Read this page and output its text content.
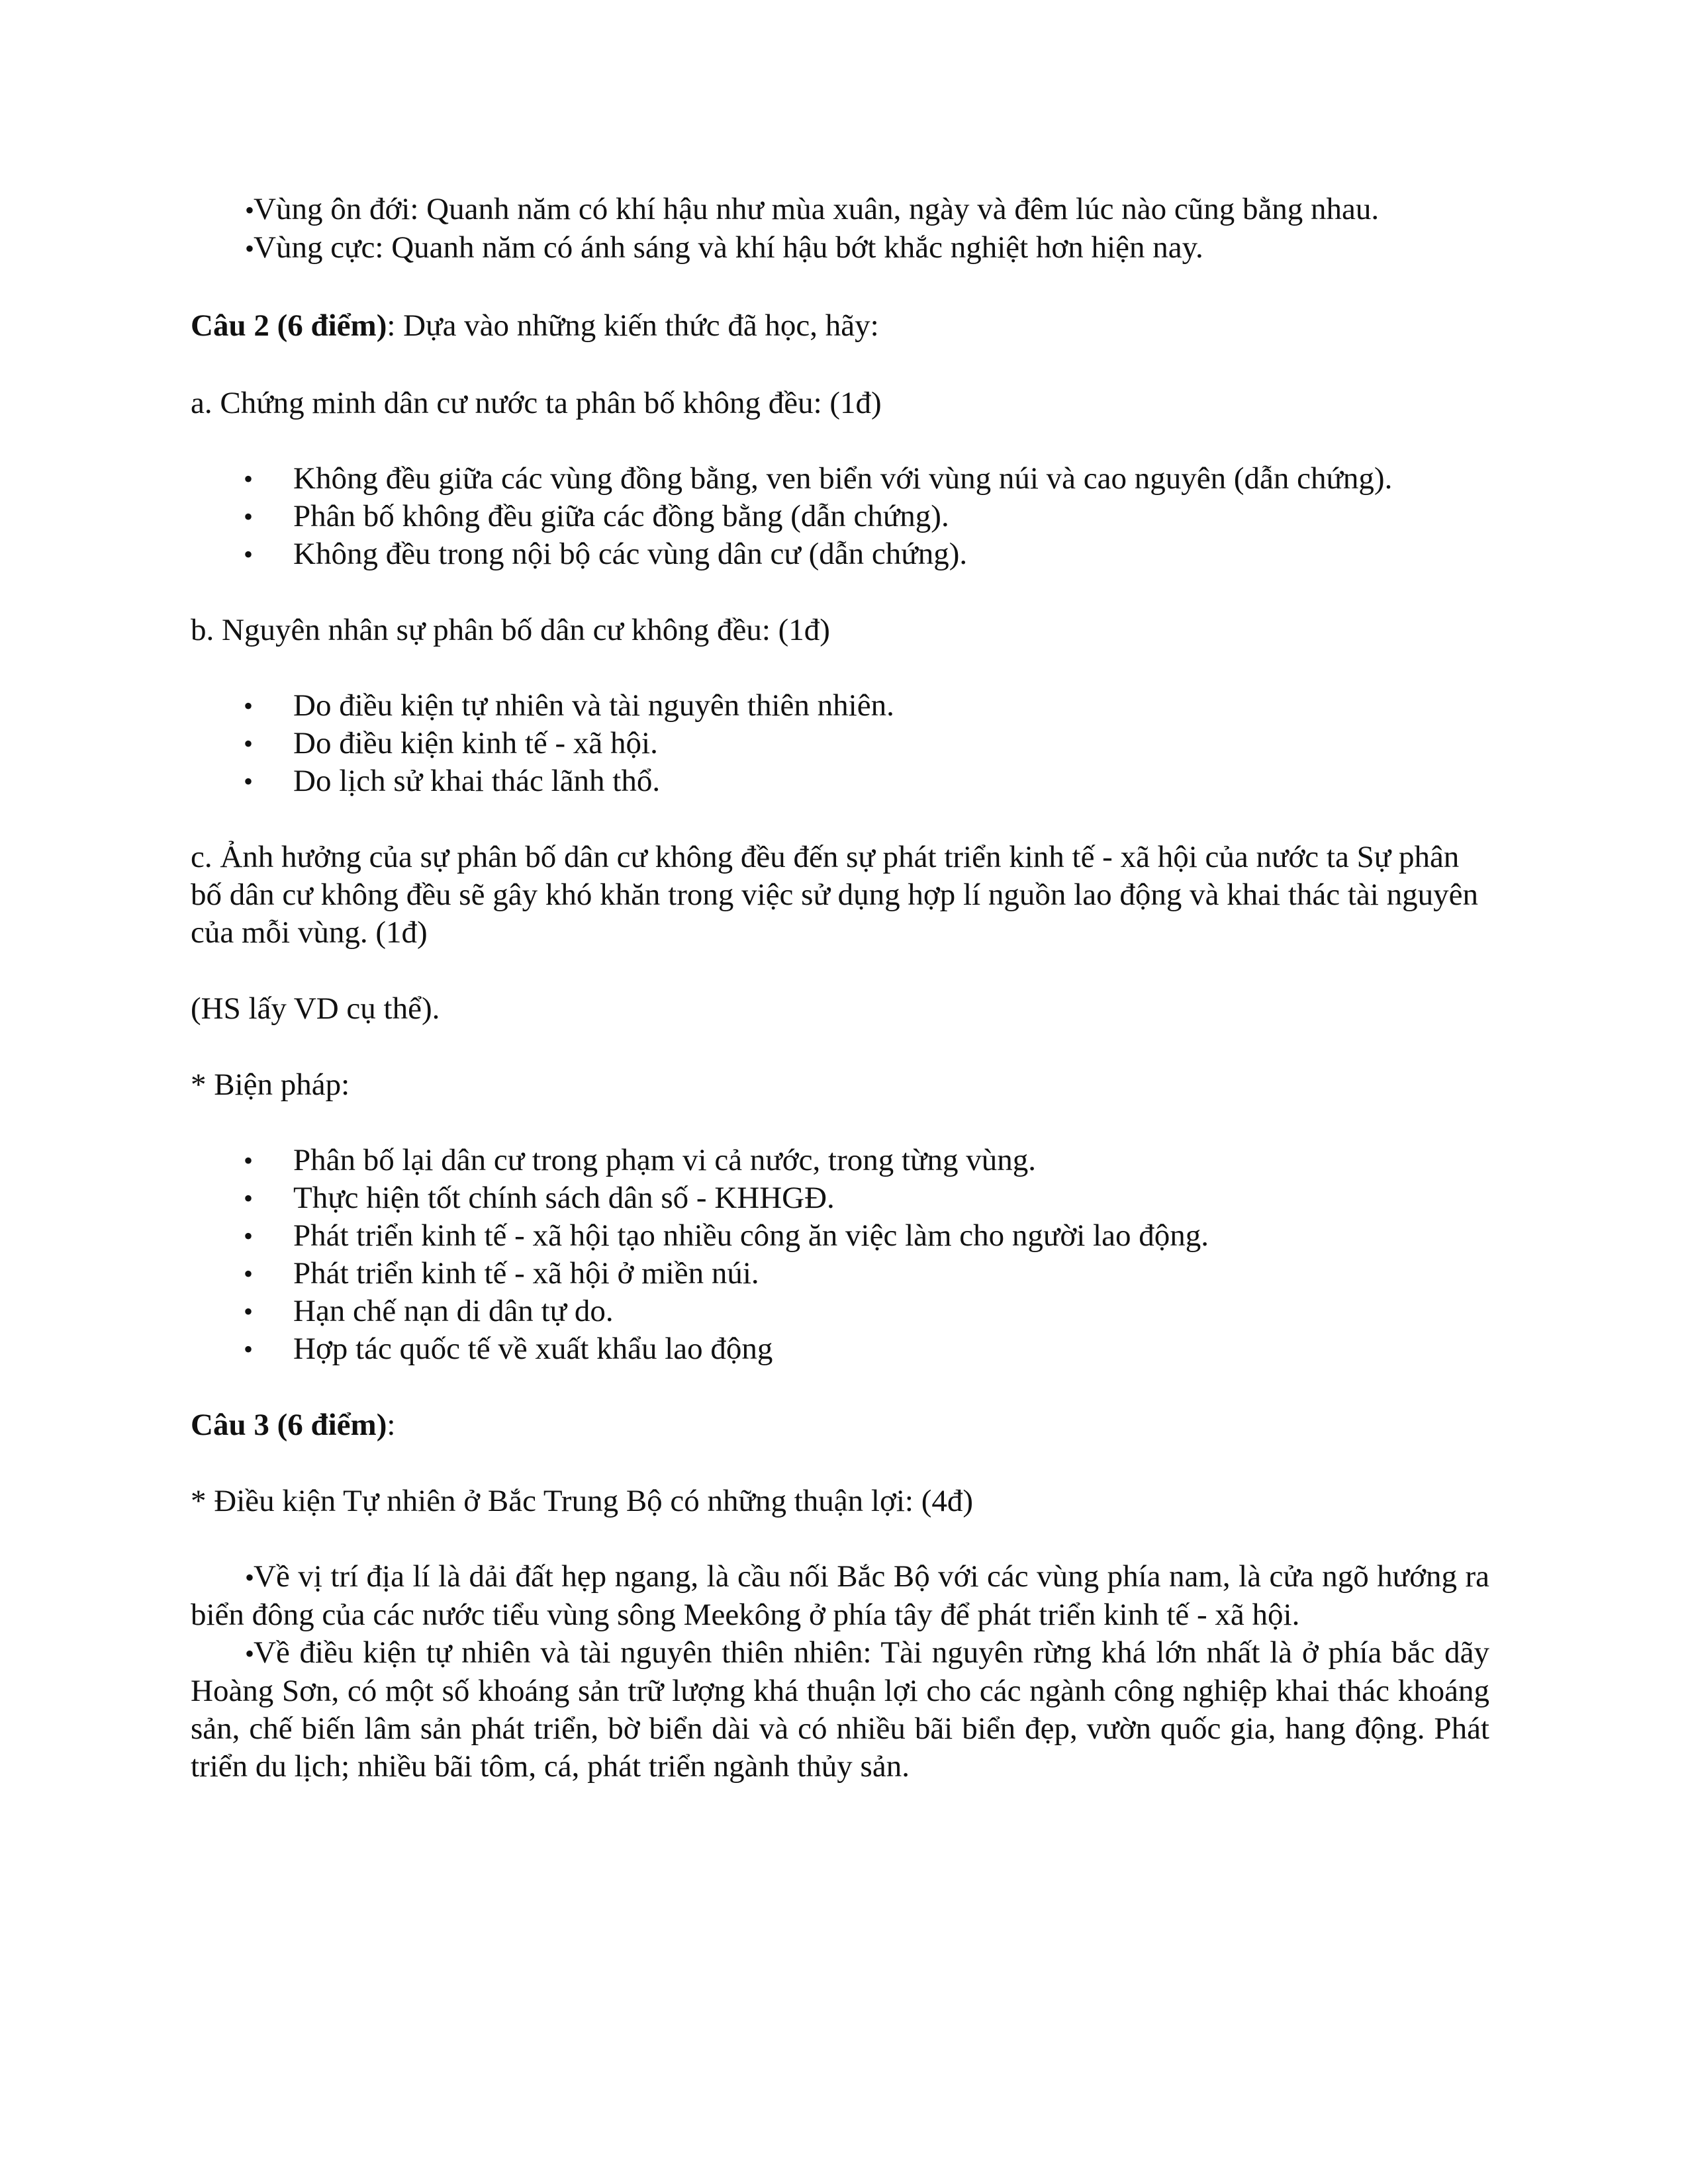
•Vùng ôn đới: Quanh năm có khí hậu như mùa xuân, ngày và đêm lúc nào cũng bằng nhau.
•Vùng cực: Quanh năm có ánh sáng và khí hậu bớt khắc nghiệt hơn hiện nay.

Câu 2 (6 điểm): Dựa vào những kiến thức đã học, hãy:

a. Chứng minh dân cư nước ta phân bố không đều: (1đ)

• Không đều giữa các vùng đồng bằng, ven biển với vùng núi và cao nguyên (dẫn chứng).
• Phân bố không đều giữa các đồng bằng (dẫn chứng).
• Không đều trong nội bộ các vùng dân cư (dẫn chứng).

b. Nguyên nhân sự phân bố dân cư không đều: (1đ)

• Do điều kiện tự nhiên và tài nguyên thiên nhiên.
• Do điều kiện kinh tế - xã hội.
• Do lịch sử khai thác lãnh thổ.

c. Ảnh hưởng của sự phân bố dân cư không đều đến sự phát triển kinh tế - xã hội của nước ta Sự phân bố dân cư không đều sẽ gây khó khăn trong việc sử dụng hợp lí nguồn lao động và khai thác tài nguyên của mỗi vùng. (1đ)

(HS lấy VD cụ thể).

* Biện pháp:

• Phân bố lại dân cư trong phạm vi cả nước, trong từng vùng.
• Thực hiện tốt chính sách dân số - KHHGĐ.
• Phát triển kinh tế - xã hội tạo nhiều công ăn việc làm cho người lao động.
• Phát triển kinh tế - xã hội ở miền núi.
• Hạn chế nạn di dân tự do.
• Hợp tác quốc tế về xuất khẩu lao động

Câu 3 (6 điểm):

* Điều kiện Tự nhiên ở Bắc Trung Bộ có những thuận lợi: (4đ)

•Về vị trí địa lí là dải đất hẹp ngang, là cầu nối Bắc Bộ với các vùng phía nam, là cửa ngõ hướng ra biển đông của các nước tiểu vùng sông Meekông ở phía tây để phát triển kinh tế - xã hội.
•Về điều kiện tự nhiên và tài nguyên thiên nhiên: Tài nguyên rừng khá lớn nhất là ở phía bắc dãy Hoàng Sơn, có một số khoáng sản trữ lượng khá thuận lợi cho các ngành công nghiệp khai thác khoáng sản, chế biến lâm sản phát triển, bờ biển dài và có nhiều bãi biển đẹp, vườn quốc gia, hang động. Phát triển du lịch; nhiều bãi tôm, cá, phát triển ngành thủy sản.
